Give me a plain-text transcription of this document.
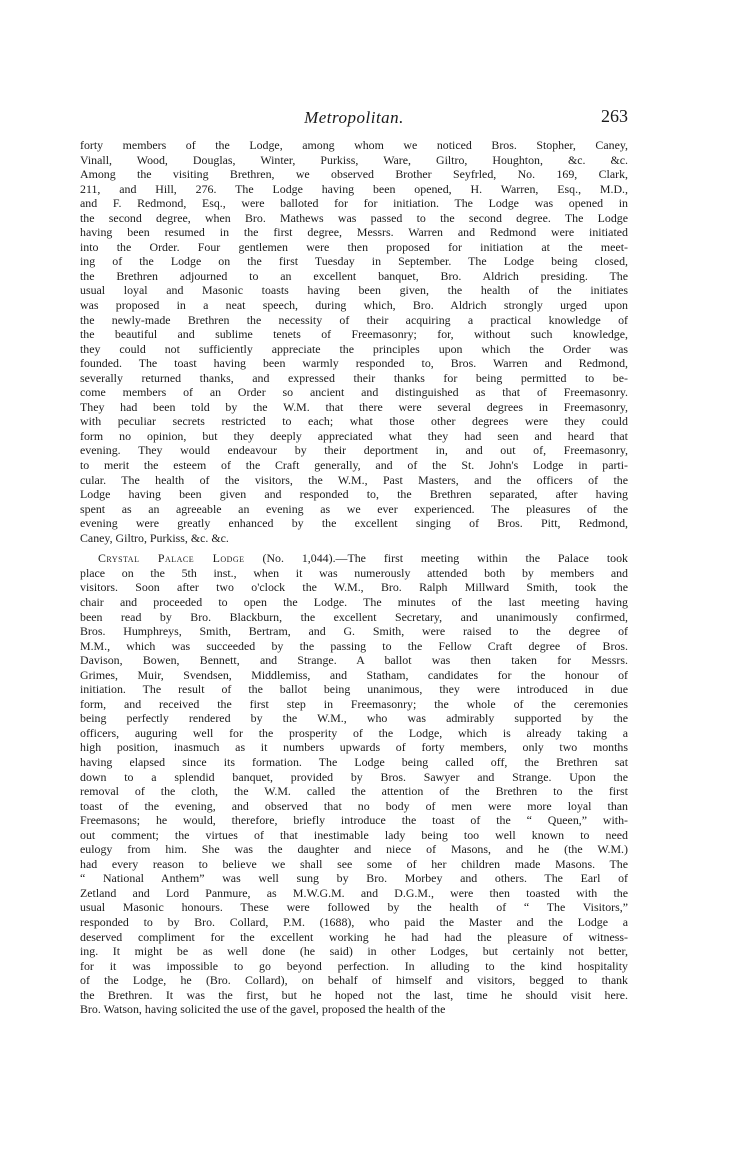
Metropolitan.	263
forty members of the Lodge, among whom we noticed Bros. Stopher, Caney,
Vinall, Wood, Douglas, Winter, Purkiss, Ware, Giltro, Houghton, &c. &c.
Among the visiting Brethren, we observed Brother Seyfrled, No. 169, Clark,
211, and Hill, 276. The Lodge having been opened, H. Warren, Esq., M.D.,
and F. Redmond, Esq., were balloted for for initiation. The Lodge was opened in
the second degree, when Bro. Mathews was passed to the second degree. The Lodge
having been resumed in the first degree, Messrs. Warren and Redmond were initiated
into the Order. Four gentlemen were then proposed for initiation at the meet-
ing of the Lodge on the first Tuesday in September. The Lodge being closed,
the Brethren adjourned to an excellent banquet, Bro. Aldrich presiding. The
usual loyal and Masonic toasts having been given, the health of the initiates
was proposed in a neat speech, during which, Bro. Aldrich strongly urged upon
the newly-made Brethren the necessity of their acquiring a practical knowledge of
the beautiful and sublime tenets of Freemasonry; for, without such knowledge,
they could not sufficiently appreciate the principles upon which the Order was
founded. The toast having been warmly responded to, Bros. Warren and Redmond,
severally returned thanks, and expressed their thanks for being permitted to be-
come members of an Order so ancient and distinguished as that of Freemasonry.
They had been told by the W.M. that there were several degrees in Freemasonry,
with peculiar secrets restricted to each; what those other degrees were they could
form no opinion, but they deeply appreciated what they had seen and heard that
evening. They would endeavour by their deportment in, and out of, Freemasonry,
to merit the esteem of the Craft generally, and of the St. John's Lodge in parti-
cular. The health of the visitors, the W.M., Past Masters, and the officers of the
Lodge having been given and responded to, the Brethren separated, after having
spent as an agreeable an evening as we ever experienced. The pleasures of the
evening were greatly enhanced by the excellent singing of Bros. Pitt, Redmond,
Caney, Giltro, Purkiss, &c. &c.
Crystal Palace Lodge (No. 1,044).—The first meeting within the Palace took
place on the 5th inst., when it was numerously attended both by members and
visitors. Soon after two o'clock the W.M., Bro. Ralph Millward Smith, took the
chair and proceeded to open the Lodge. The minutes of the last meeting having
been read by Bro. Blackburn, the excellent Secretary, and unanimously confirmed,
Bros. Humphreys, Smith, Bertram, and G. Smith, were raised to the degree of
M.M., which was succeeded by the passing to the Fellow Craft degree of Bros.
Davison, Bowen, Bennett, and Strange. A ballot was then taken for Messrs.
Grimes, Muir, Svendsen, Middlemiss, and Statham, candidates for the honour of
initiation. The result of the ballot being unanimous, they were introduced in due
form, and received the first step in Freemasonry; the whole of the ceremonies
being perfectly rendered by the W.M., who was admirably supported by the
officers, auguring well for the prosperity of the Lodge, which is already taking a
high position, inasmuch as it numbers upwards of forty members, only two months
having elapsed since its formation. The Lodge being called off, the Brethren sat
down to a splendid banquet, provided by Bros. Sawyer and Strange. Upon the
removal of the cloth, the W.M. called the attention of the Brethren to the first
toast of the evening, and observed that no body of men were more loyal than
Freemasons; he would, therefore, briefly introduce the toast of the “ Queen,” with-
out comment; the virtues of that inestimable lady being too well known to need
eulogy from him. She was the daughter and niece of Masons, and he (the W.M.)
had every reason to believe we shall see some of her children made Masons. The
“ National Anthem” was well sung by Bro. Morbey and others. The Earl of
Zetland and Lord Panmure, as M.W.G.M. and D.G.M., were then toasted with the
usual Masonic honours. These were followed by the health of “ The Visitors,”
responded to by Bro. Collard, P.M. (1688), who paid the Master and the Lodge a
deserved compliment for the excellent working he had had the pleasure of witness-
ing. It might be as well done (he said) in other Lodges, but certainly not better,
for it was impossible to go beyond perfection. In alluding to the kind hospitality
of the Lodge, he (Bro. Collard), on behalf of himself and visitors, begged to thank
the Brethren. It was the first, but he hoped not the last, time he should visit here.
Bro. Watson, having solicited the use of the gavel, proposed the health of the
